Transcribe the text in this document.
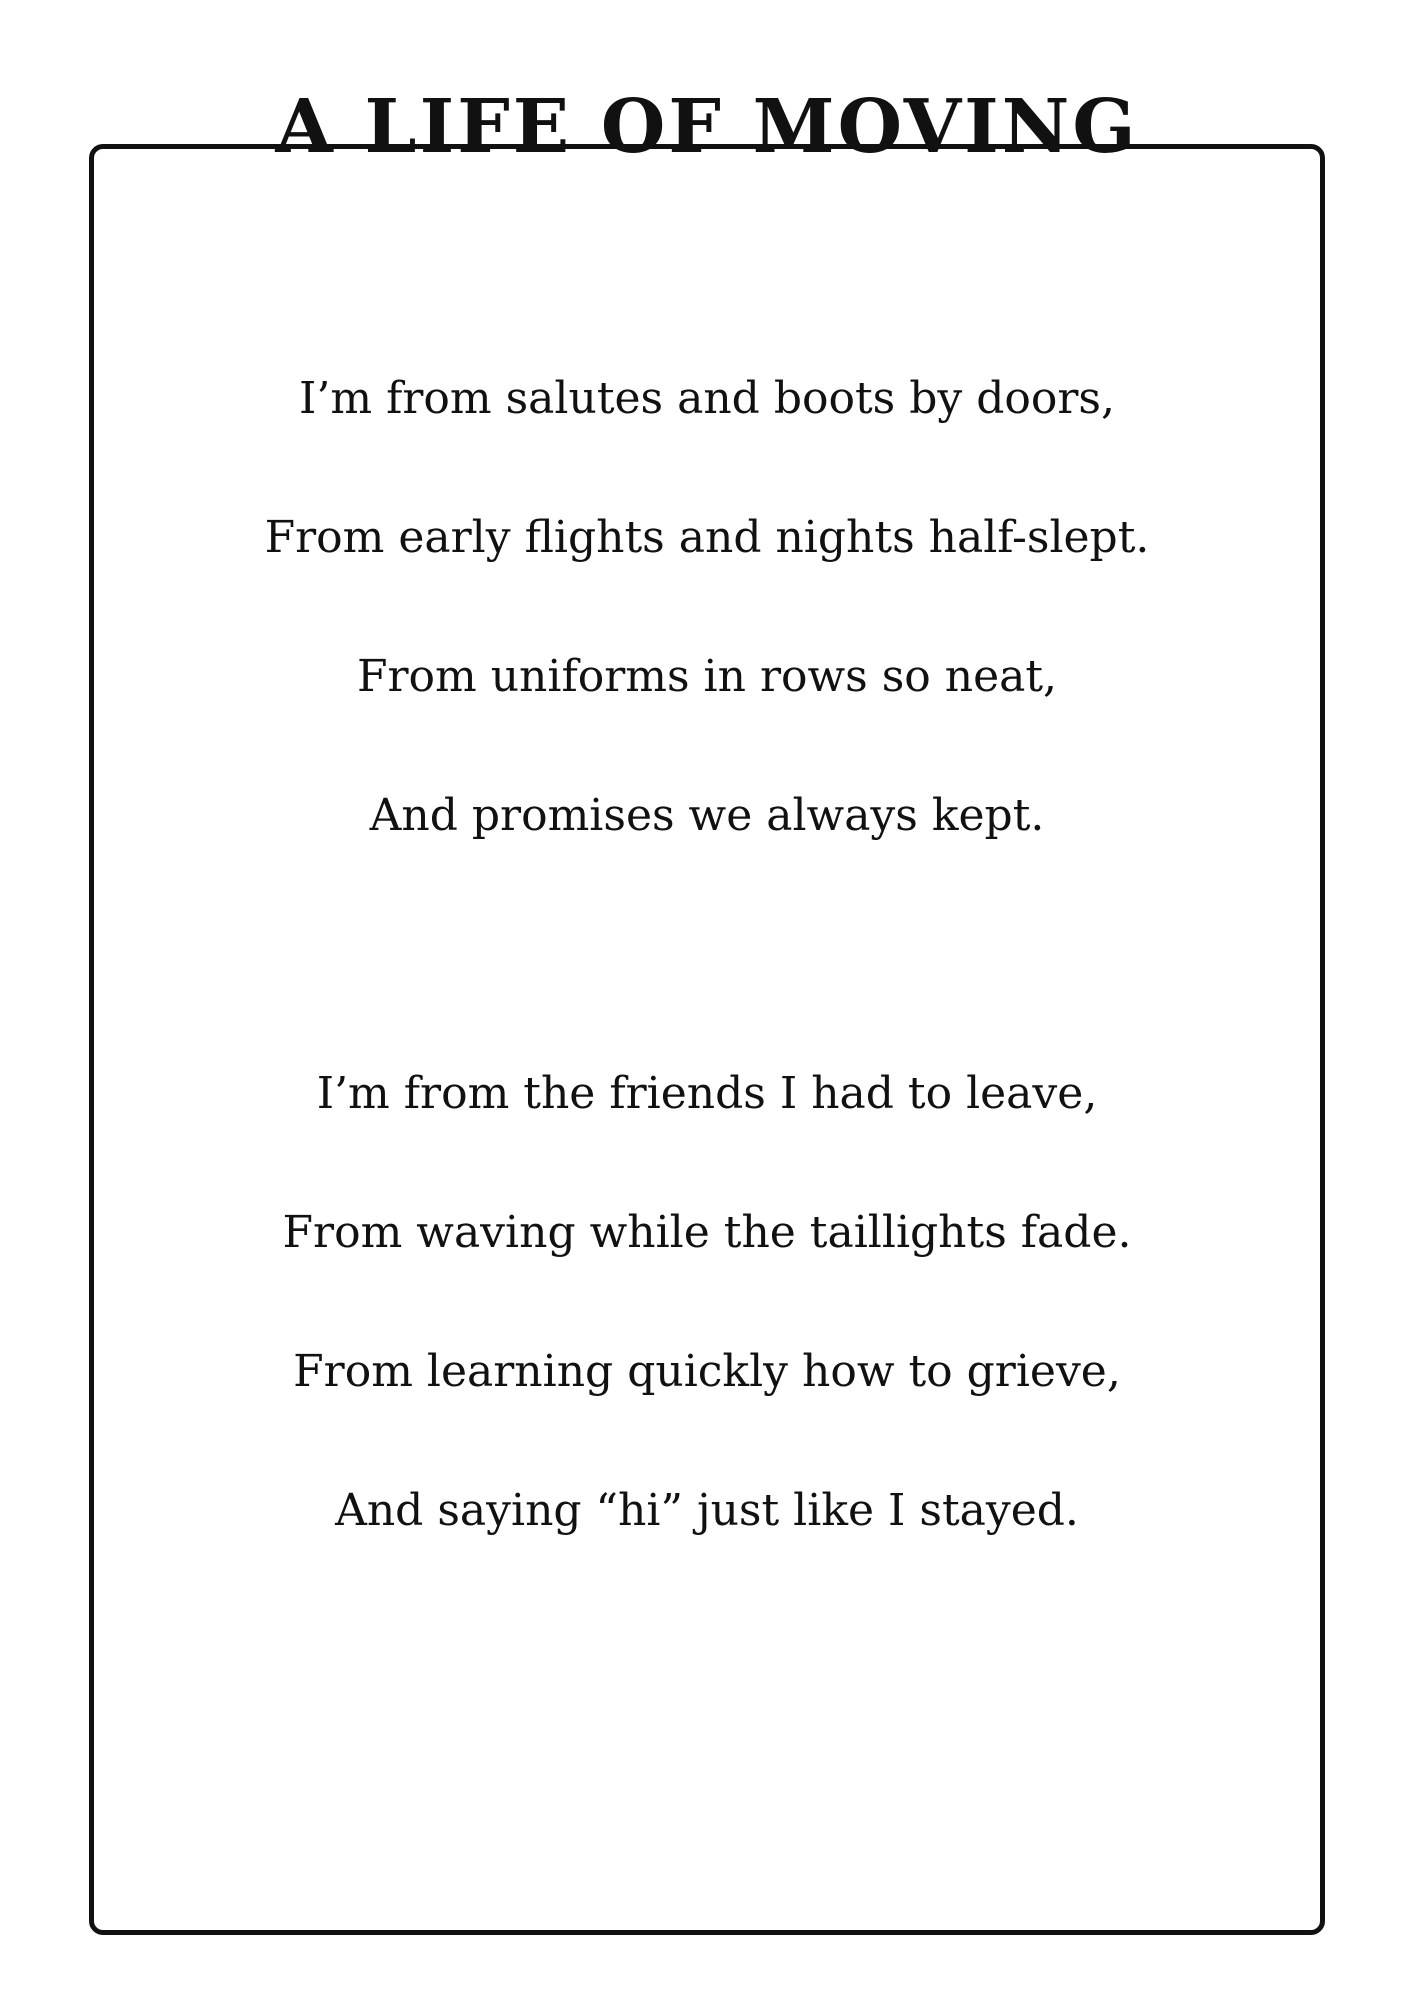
A LIFE OF MOVING
I’m from salutes and boots by doors,
From early flights and nights half-slept.
From uniforms in rows so neat,
And promises we always kept.
I’m from the friends I had to leave,
From waving while the taillights fade.
From learning quickly how to grieve,
And saying “hi” just like I stayed.
